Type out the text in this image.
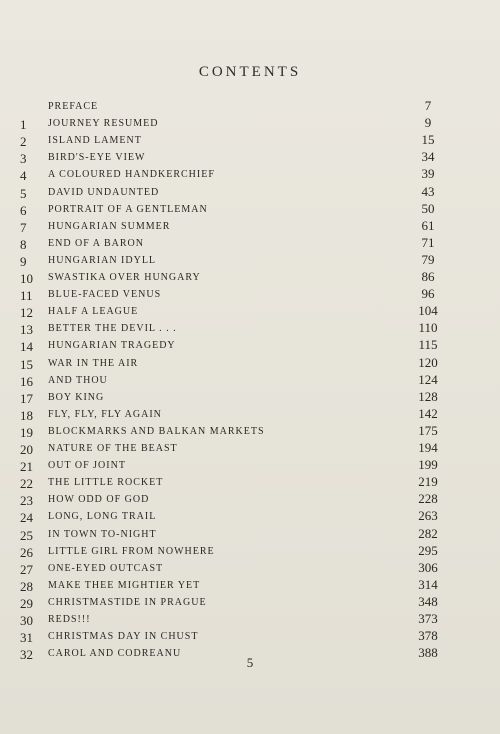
CONTENTS
PREFACE	7
1	JOURNEY RESUMED	9
2	ISLAND LAMENT	15
3	BIRD'S-EYE VIEW	34
4	A COLOURED HANDKERCHIEF	39
5	DAVID UNDAUNTED	43
6	PORTRAIT OF A GENTLEMAN	50
7	HUNGARIAN SUMMER	61
8	END OF A BARON	71
9	HUNGARIAN IDYLL	79
10	SWASTIKA OVER HUNGARY	86
11	BLUE-FACED VENUS	96
12	HALF A LEAGUE	104
13	BETTER THE DEVIL . . .	110
14	HUNGARIAN TRAGEDY	115
15	WAR IN THE AIR	120
16	AND THOU	124
17	BOY KING	128
18	FLY, FLY, FLY AGAIN	142
19	BLOCKMARKS AND BALKAN MARKETS	175
20	NATURE OF THE BEAST	194
21	OUT OF JOINT	199
22	THE LITTLE ROCKET	219
23	HOW ODD OF GOD	228
24	LONG, LONG TRAIL	263
25	IN TOWN TO-NIGHT	282
26	LITTLE GIRL FROM NOWHERE	295
27	ONE-EYED OUTCAST	306
28	MAKE THEE MIGHTIER YET	314
29	CHRISTMASTIDE IN PRAGUE	348
30	REDS!!!	373
31	CHRISTMAS DAY IN CHUST	378
32	CAROL AND CODREANU	388
5
